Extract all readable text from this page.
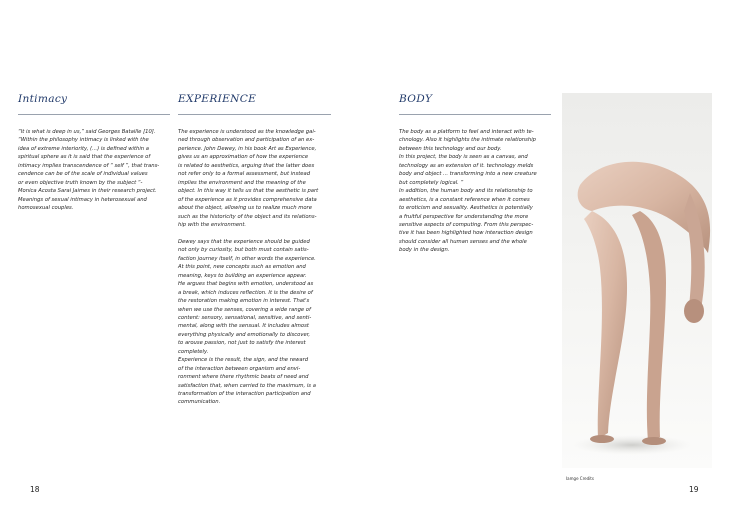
Intimacy

“It is what is deep in us,” said Georges Bataille [10].
“Within the philosophy intimacy is linked with the
idea of extreme interiority, (...) is defined within a
spiritual sphere as it is said that the experience of
intimacy implies transcendence of “ self ”, that trans-
cendence can be of the scale of individual values
or even objective truth known by the subject “-
Monica Acosta Sarai Jaimes in their research project.
Meanings of sexual intimacy in heterosexual and
homosexual couples.

EXPERIENCE

The experience is understood as the knowledge gai-
ned through observation and participation of an ex-
perience. John Dewey, in his book Art as Experience,
gives us an approximation of how the experience
is related to aesthetics, arguing that the latter does
not refer only to a formal assessment, but instead
implies the environment and the meaning of the
object. In this way it tells us that the aesthetic is part
of the experience as it provides comprehensive data
about the object, allowing us to realize much more
such as the historicity of the object and its relations-
hip with the environment.

Dewey says that the experience should be guided
not only by curiosity, but both must contain satis-
faction journey itself, in other words the experience.
At this point, new concepts such as emotion and
meaning, keys to building an experience appear.
He argues that begins with emotion, understood as
a break, which induces reflection. It is the desire of
the restoration making emotion in interest. That's
when we use the senses, covering a wide range of
content: sensory, sensational, sensitive, and senti-
mental, along with the sensual. It includes almost
everything physically and emotionally to discover,
to arouse passion, not just to satisfy the interest
completely.
Experience is the result, the sign, and the reward
of the interaction between organism and envi-
ronment where there rhythmic beats of need and
satisfaction that, when carried to the maximum, is a
transformation of the interaction participation and
communication.

BODY

The body as a platform to feel and interact with te-
chnology. Also it highlights the intimate relationship
between this technology and our body.
In this project, the body is seen as a canvas, and
technology as an extension of it. technology melds
body and object ... transforming into a new creature
but completely logical. ”
In addition, the human body and its relationship to
aesthetics, is a constant reference when it comes
to eroticism and sexuality. Aesthetics is potentially
a fruitful perspective for understanding the more
sensitive aspects of computing. From this perspec-
tive it has been highlighted how interaction design
should consider all human senses and the whole
body in the design.

Iamge Credits
18	19
